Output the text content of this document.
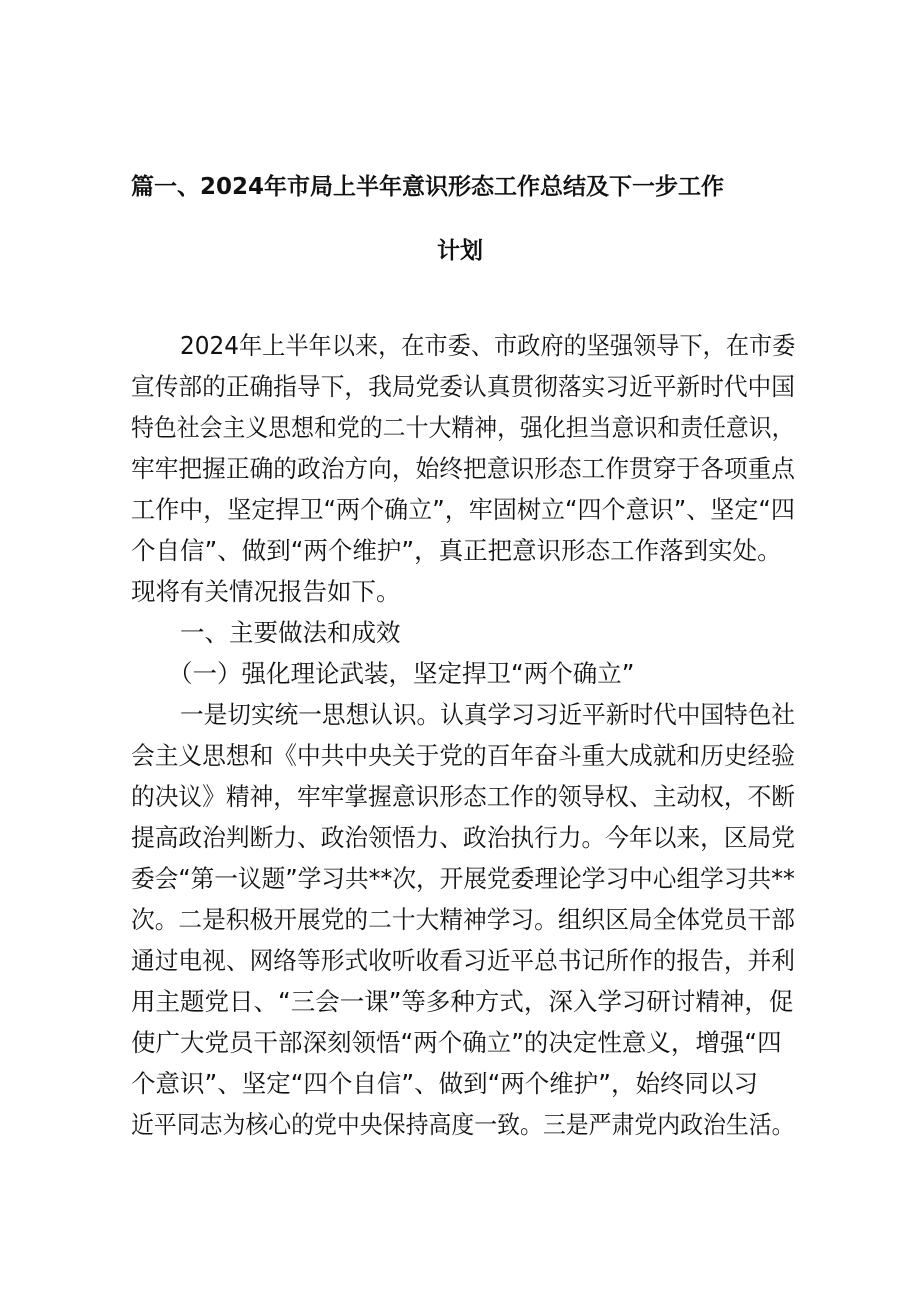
篇一、2024年市局上半年意识形态工作总结及下一步工作
计划
2024年上半年以来，在市委、市政府的坚强领导下，在市委
宣传部的正确指导下，我局党委认真贯彻落实习近平新时代中国
特色社会主义思想和党的二十大精神，强化担当意识和责任意识，
牢牢把握正确的政治方向，始终把意识形态工作贯穿于各项重点
工作中，坚定捍卫“两个确立”，牢固树立“四个意识”、坚定“四
个自信”、做到“两个维护”，真正把意识形态工作落到实处。
现将有关情况报告如下。
一、主要做法和成效
（一）强化理论武装，坚定捍卫“两个确立”
一是切实统一思想认识。认真学习习近平新时代中国特色社
会主义思想和《中共中央关于党的百年奋斗重大成就和历史经验
的决议》精神，牢牢掌握意识形态工作的领导权、主动权，不断
提高政治判断力、政治领悟力、政治执行力。今年以来，区局党
委会“第一议题”学习共**次，开展党委理论学习中心组学习共**
次。二是积极开展党的二十大精神学习。组织区局全体党员干部
通过电视、网络等形式收听收看习近平总书记所作的报告，并利
用主题党日、“三会一课”等多种方式，深入学习研讨精神，促
使广大党员干部深刻领悟“两个确立”的决定性意义，增强“四
个意识”、坚定“四个自信”、做到“两个维护”，始终同以习
近平同志为核心的党中央保持高度一致。三是严肃党内政治生活。
